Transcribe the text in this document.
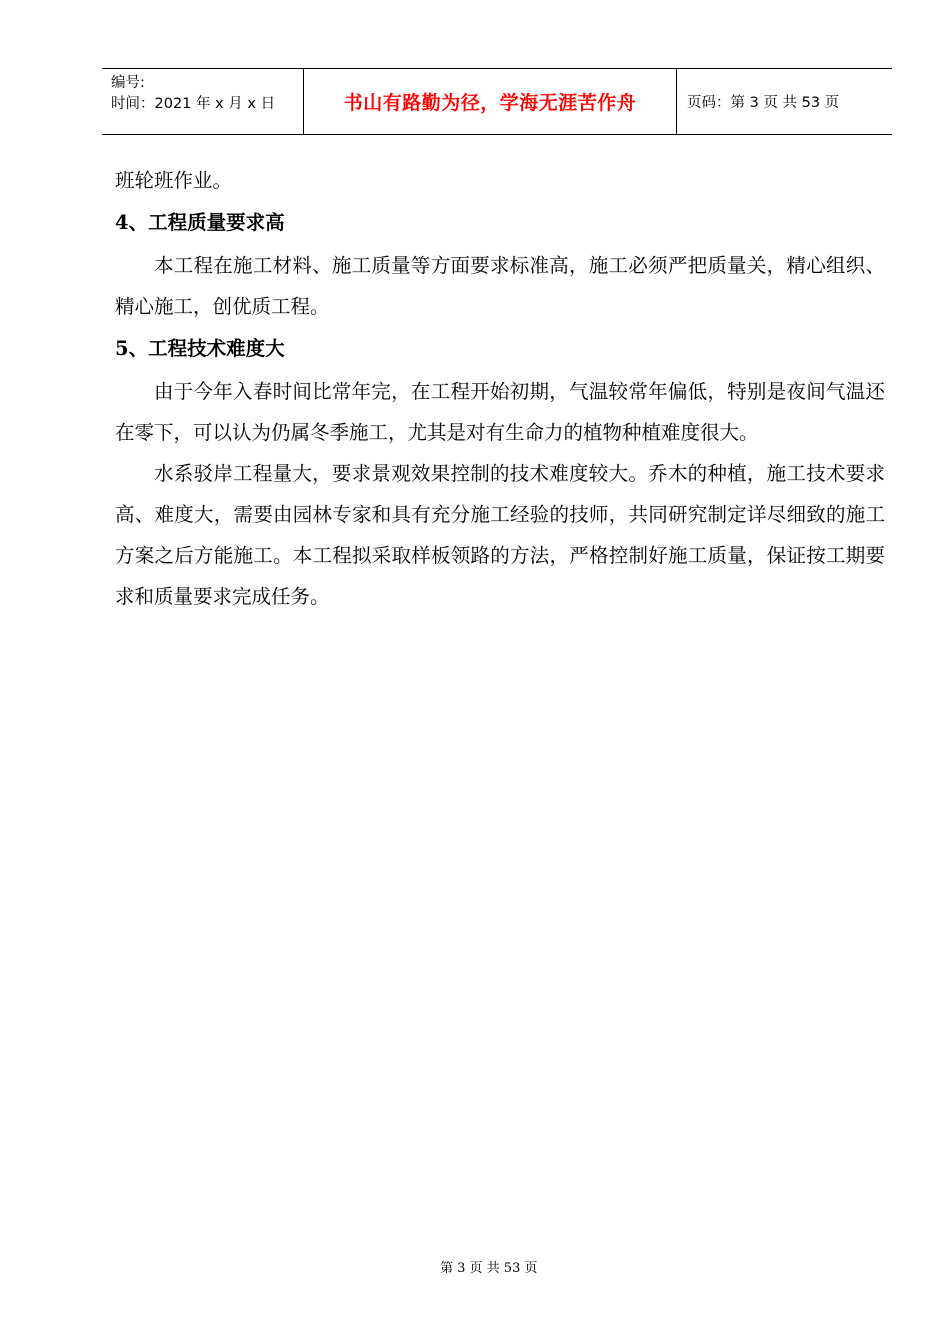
编号:
时间：2021 年 x 月 x 日	书山有路勤为径，学海无涯苦作舟	页码：第 3 页 共 53 页

班轮班作业。

4、工程质量要求高

本工程在施工材料、施工质量等方面要求标准高，施工必须严把质量关，精心组织、精心施工，创优质工程。

5、工程技术难度大

由于今年入春时间比常年完，在工程开始初期，气温较常年偏低，特别是夜间气温还在零下，可以认为仍属冬季施工，尤其是对有生命力的植物种植难度很大。

水系驳岸工程量大，要求景观效果控制的技术难度较大。乔木的种植，施工技术要求高、难度大，需要由园林专家和具有充分施工经验的技师，共同研究制定详尽细致的施工方案之后方能施工。本工程拟采取样板领路的方法，严格控制好施工质量，保证按工期要求和质量要求完成任务。

第 3 页 共 53 页
